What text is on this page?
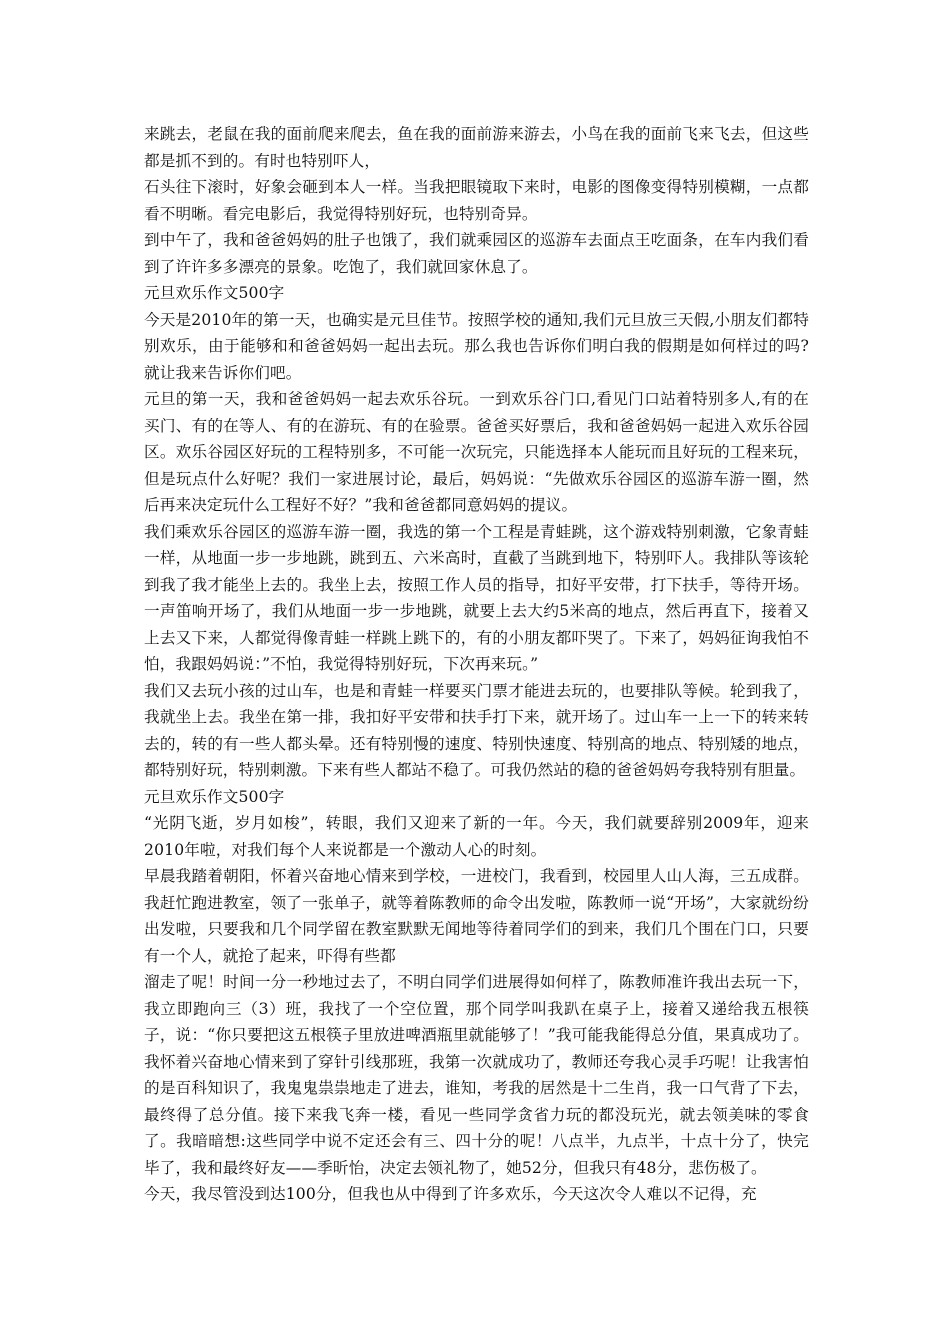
来跳去，老鼠在我的面前爬来爬去，鱼在我的面前游来游去，小鸟在我的面前飞来飞去，但这些都是抓不到的。有时也特别吓人，

石头往下滚时，好象会砸到本人一样。当我把眼镜取下来时，电影的图像变得特别模糊，一点都看不明晰。看完电影后，我觉得特别好玩，也特别奇异。

到中午了，我和爸爸妈妈的肚子也饿了，我们就乘园区的巡游车去面点王吃面条，在车内我们看到了许许多多漂亮的景象。吃饱了，我们就回家休息了。

元旦欢乐作文500字

今天是2010年的第一天，也确实是元旦佳节。按照学校的通知,我们元旦放三天假,小朋友们都特别欢乐，由于能够和和爸爸妈妈一起出去玩。那么我也告诉你们明白我的假期是如何样过的吗?就让我来告诉你们吧。

元旦的第一天，我和爸爸妈妈一起去欢乐谷玩。一到欢乐谷门口,看见门口站着特别多人,有的在买门、有的在等人、有的在游玩、有的在验票。爸爸买好票后，我和爸爸妈妈一起进入欢乐谷园区。欢乐谷园区好玩的工程特别多，不可能一次玩完，只能选择本人能玩而且好玩的工程来玩，但是玩点什么好呢？我们一家进展讨论，最后，妈妈说：“先做欢乐谷园区的巡游车游一圈，然后再来决定玩什么工程好不好？”我和爸爸都同意妈妈的提议。

我们乘欢乐谷园区的巡游车游一圈，我选的第一个工程是青蛙跳，这个游戏特别刺激，它象青蛙一样，从地面一步一步地跳，跳到五、六米高时，直截了当跳到地下，特别吓人。我排队等该轮到我了我才能坐上去的。我坐上去，按照工作人员的指导，扣好平安带，打下扶手，等待开场。一声笛响开场了，我们从地面一步一步地跳，就要上去大约5米高的地点，然后再直下，接着又上去又下来，人都觉得像青蛙一样跳上跳下的，有的小朋友都吓哭了。下来了，妈妈征询我怕不怕，我跟妈妈说：”不怕，我觉得特别好玩，下次再来玩。”

我们又去玩小孩的过山车，也是和青蛙一样要买门票才能进去玩的，也要排队等候。轮到我了，我就坐上去。我坐在第一排，我扣好平安带和扶手打下来，就开场了。过山车一上一下的转来转去的，转的有一些人都头晕。还有特别慢的速度、特别快速度、特别高的地点、特别矮的地点，都特别好玩，特别刺激。下来有些人都站不稳了。可我仍然站的稳的爸爸妈妈夸我特别有胆量。

元旦欢乐作文500字

“光阴飞逝，岁月如梭”，转眼，我们又迎来了新的一年。今天，我们就要辞别2009年，迎来2010年啦，对我们每个人来说都是一个激动人心的时刻。

早晨我踏着朝阳，怀着兴奋地心情来到学校，一进校门，我看到，校园里人山人海，三五成群。我赶忙跑进教室，领了一张单子，就等着陈教师的命令出发啦，陈教师一说“开场”，大家就纷纷出发啦，只要我和几个同学留在教室默默无闻地等待着同学们的到来，我们几个围在门口，只要有一个人，就抢了起来，吓得有些都

溜走了呢！时间一分一秒地过去了，不明白同学们进展得如何样了，陈教师准许我出去玩一下，我立即跑向三（3）班，我找了一个空位置，那个同学叫我趴在桌子上，接着又递给我五根筷子，说：“你只要把这五根筷子里放进啤酒瓶里就能够了！”我可能我能得总分值，果真成功了。我怀着兴奋地心情来到了穿针引线那班，我第一次就成功了，教师还夸我心灵手巧呢！让我害怕的是百科知识了，我鬼鬼祟祟地走了进去，谁知，考我的居然是十二生肖，我一口气背了下去，最终得了总分值。接下来我飞奔一楼，看见一些同学贪省力玩的都没玩光，就去领美味的零食了。我暗暗想:这些同学中说不定还会有三、四十分的呢！八点半，九点半，十点十分了，快完毕了，我和最终好友——季昕怡，决定去领礼物了，她52分，但我只有48分，悲伤极了。

今天，我尽管没到达100分，但我也从中得到了许多欢乐，今天这次令人难以不记得，充
